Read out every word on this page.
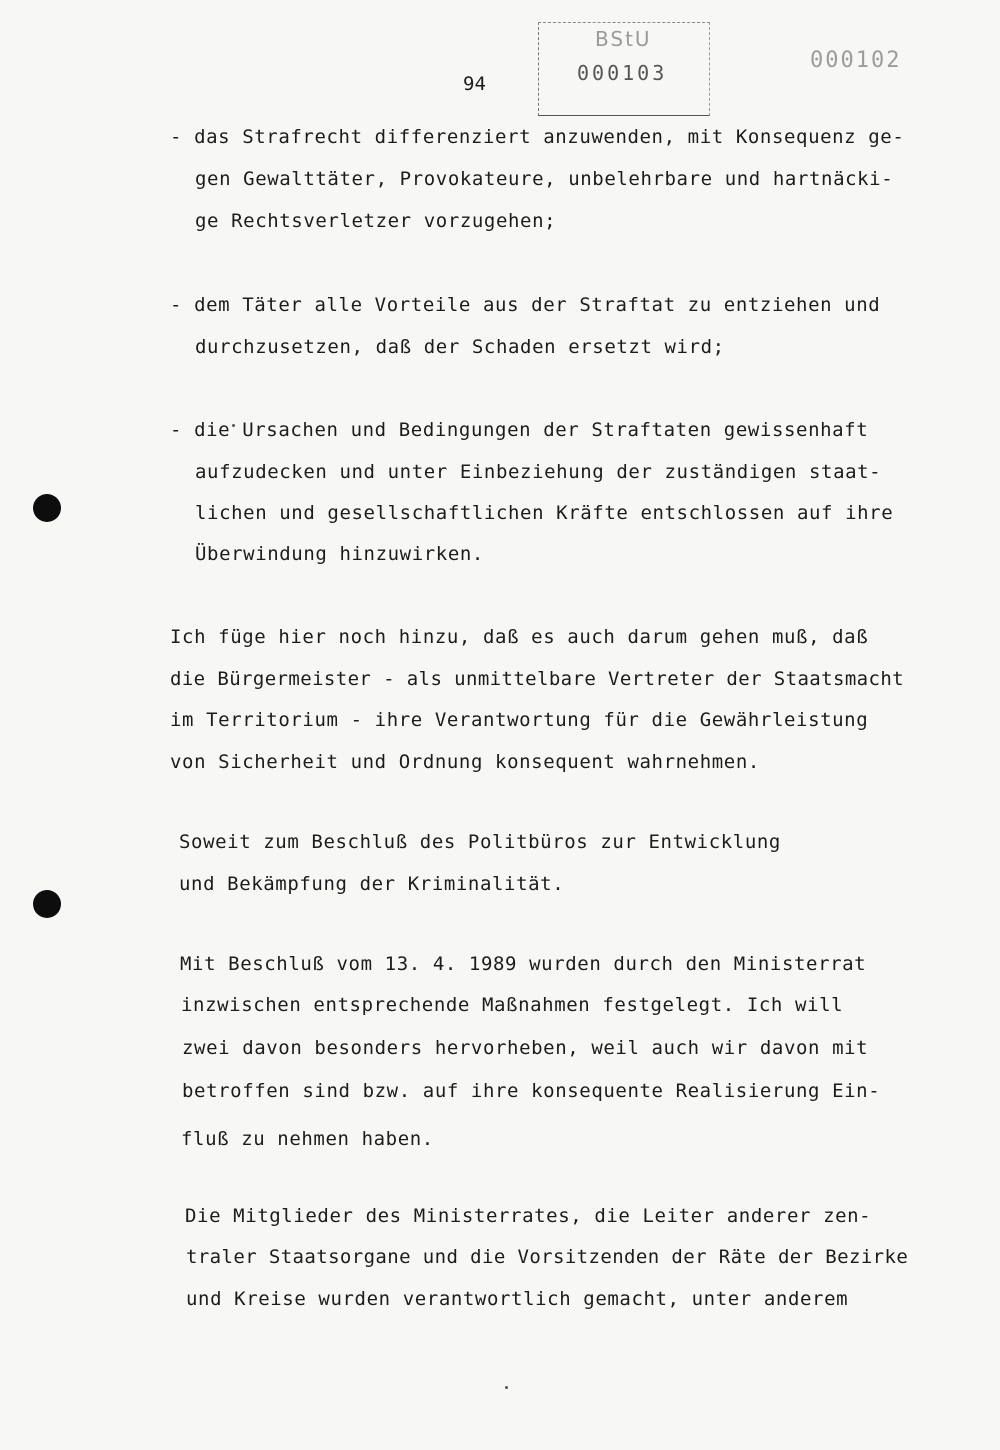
94
BStU
000103	000102
- das Strafrecht differenziert anzuwenden, mit Konsequenz ge-
gen Gewalttäter, Provokateure, unbelehrbare und hartnäcki-
ge Rechtsverletzer vorzugehen;
- dem Täter alle Vorteile aus der Straftat zu entziehen und
durchzusetzen, daß der Schaden ersetzt wird;
- die Ursachen und Bedingungen der Straftaten gewissenhaft
aufzudecken und unter Einbeziehung der zuständigen staat-
lichen und gesellschaftlichen Kräfte entschlossen auf ihre
Überwindung hinzuwirken.
Ich füge hier noch hinzu, daß es auch darum gehen muß, daß
die Bürgermeister - als unmittelbare Vertreter der Staatsmacht
im Territorium - ihre Verantwortung für die Gewährleistung
von Sicherheit und Ordnung konsequent wahrnehmen.
Soweit zum Beschluß des Politbüros zur Entwicklung
und Bekämpfung der Kriminalität.
Mit Beschluß vom 13. 4. 1989 wurden durch den Ministerrat
inzwischen entsprechende Maßnahmen festgelegt. Ich will
zwei davon besonders hervorheben, weil auch wir davon mit
betroffen sind bzw. auf ihre konsequente Realisierung Ein-
fluß zu nehmen haben.
Die Mitglieder des Ministerrates, die Leiter anderer zen-
traler Staatsorgane und die Vorsitzenden der Räte der Bezirke
und Kreise wurden verantwortlich gemacht, unter anderem
